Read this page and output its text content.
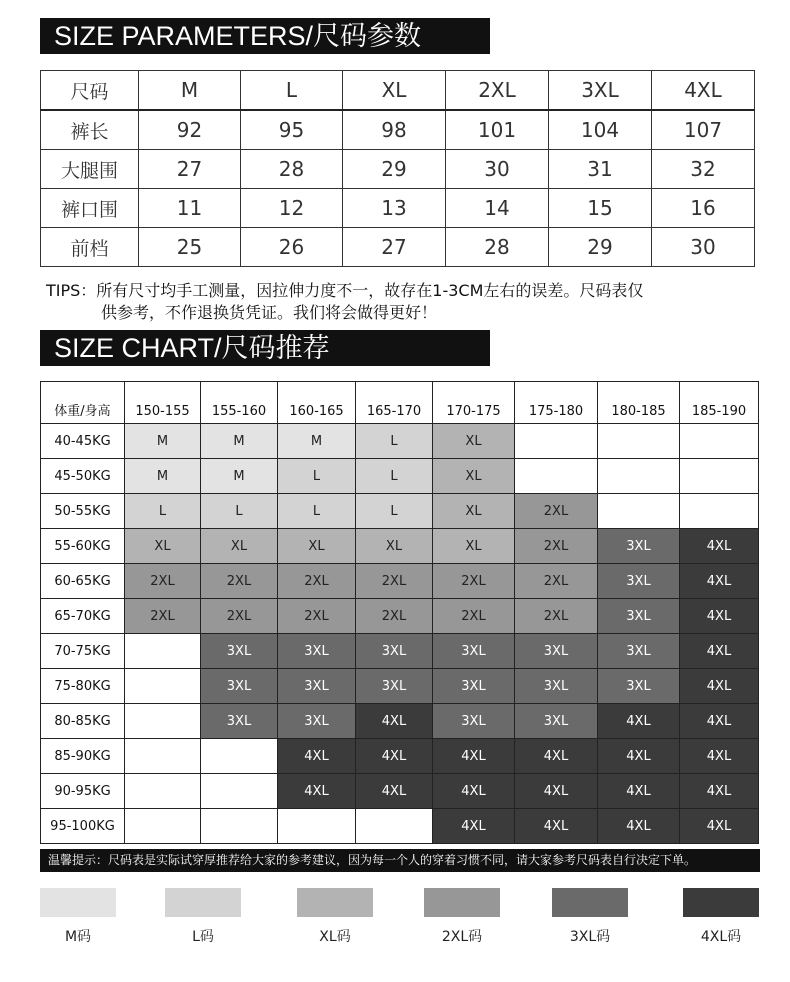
SIZE PARAMETERS/尺码参数
尺码	M	L	XL	2XL	3XL	4XL
裤长	92	95	98	101	104	107
大腿围	27	28	29	30	31	32
裤口围	11	12	13	14	15	16
前档	25	26	27	28	29	30
TIPS：所有尺寸均手工测量，因拉伸力度不一，故存在1-3CM左右的误差。尺码表仅
供参考，不作退换货凭证。我们将会做得更好！
SIZE CHART/尺码推荐
体重/身高	150-155	155-160	160-165	165-170	170-175	175-180	180-185	185-190
40-45KG	M	M	M	L	XL			
45-50KG	M	M	L	L	XL			
50-55KG	L	L	L	L	XL	2XL		
55-60KG	XL	XL	XL	XL	XL	2XL	3XL	4XL
60-65KG	2XL	2XL	2XL	2XL	2XL	2XL	3XL	4XL
65-70KG	2XL	2XL	2XL	2XL	2XL	2XL	3XL	4XL
70-75KG		3XL	3XL	3XL	3XL	3XL	3XL	4XL
75-80KG		3XL	3XL	3XL	3XL	3XL	3XL	4XL
80-85KG		3XL	3XL	4XL	3XL	3XL	4XL	4XL
85-90KG			4XL	4XL	4XL	4XL	4XL	4XL
90-95KG			4XL	4XL	4XL	4XL	4XL	4XL
95-100KG					4XL	4XL	4XL	4XL
温馨提示：尺码表是实际试穿厚推荐给大家的参考建议，因为每一个人的穿着习惯不同，请大家参考尺码表自行决定下单。
M码	L码	XL码	2XL码	3XL码	4XL码
